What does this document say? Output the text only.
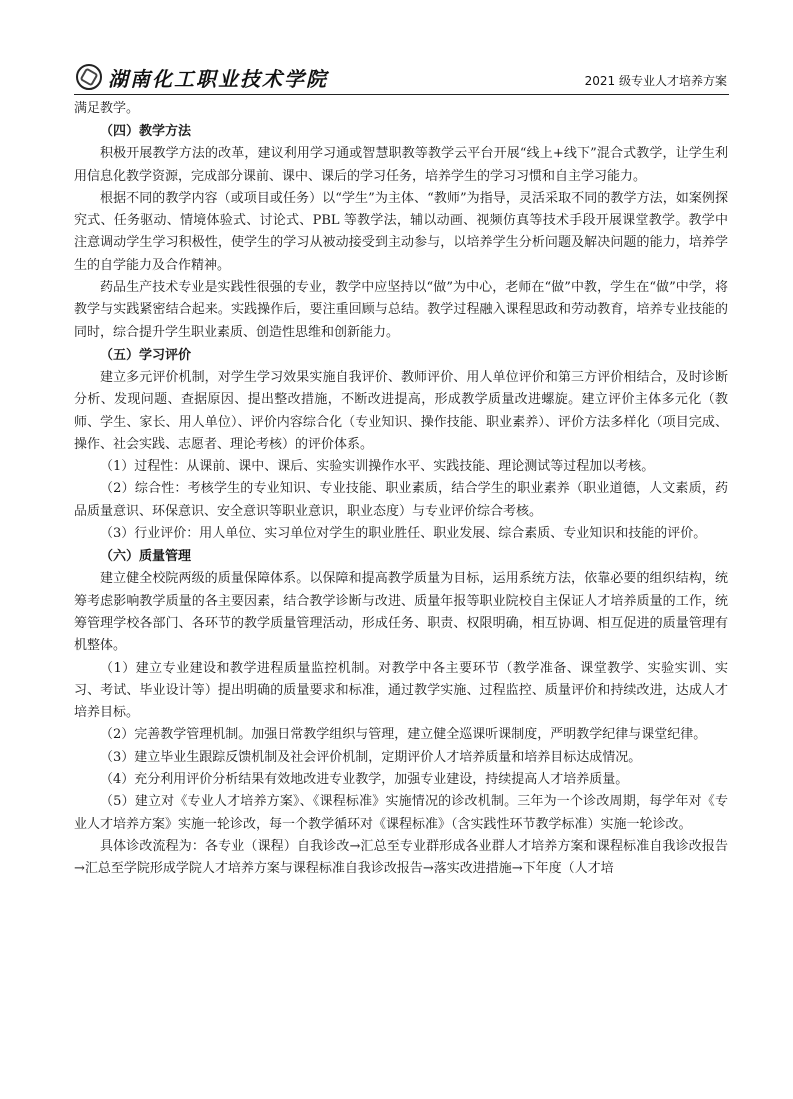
湖南化工职业技术学院	2021 级专业人才培养方案

满足教学。

（四）教学方法

积极开展教学方法的改革，建议利用学习通或智慧职教等教学云平台开展“线上+线下”混合式教学，让学生利用信息化教学资源，完成部分课前、课中、课后的学习任务，培养学生的学习习惯和自主学习能力。

根据不同的教学内容（或项目或任务）以“学生”为主体、“教师”为指导，灵活采取不同的教学方法，如案例探究式、任务驱动、情境体验式、讨论式、PBL 等教学法，辅以动画、视频仿真等技术手段开展课堂教学。教学中注意调动学生学习积极性，使学生的学习从被动接受到主动参与，以培养学生分析问题及解决问题的能力，培养学生的自学能力及合作精神。

药品生产技术专业是实践性很强的专业，教学中应坚持以“做”为中心，老师在“做”中教，学生在“做”中学，将教学与实践紧密结合起来。实践操作后，要注重回顾与总结。教学过程融入课程思政和劳动教育，培养专业技能的同时，综合提升学生职业素质、创造性思维和创新能力。

（五）学习评价

建立多元评价机制，对学生学习效果实施自我评价、教师评价、用人单位评价和第三方评价相结合，及时诊断分析、发现问题、查据原因、提出整改措施，不断改进提高，形成教学质量改进螺旋。建立评价主体多元化（教师、学生、家长、用人单位）、评价内容综合化（专业知识、操作技能、职业素养）、评价方法多样化（项目完成、操作、社会实践、志愿者、理论考核）的评价体系。

（1）过程性：从课前、课中、课后、实验实训操作水平、实践技能、理论测试等过程加以考核。

（2）综合性：考核学生的专业知识、专业技能、职业素质，结合学生的职业素养（职业道德，人文素质，药品质量意识、环保意识、安全意识等职业意识，职业态度）与专业评价综合考核。

（3）行业评价：用人单位、实习单位对学生的职业胜任、职业发展、综合素质、专业知识和技能的评价。

（六）质量管理

建立健全校院两级的质量保障体系。以保障和提高教学质量为目标，运用系统方法，依靠必要的组织结构，统筹考虑影响教学质量的各主要因素，结合教学诊断与改进、质量年报等职业院校自主保证人才培养质量的工作，统筹管理学校各部门、各环节的教学质量管理活动，形成任务、职责、权限明确，相互协调、相互促进的质量管理有机整体。

（1）建立专业建设和教学进程质量监控机制。对教学中各主要环节（教学准备、课堂教学、实验实训、实习、考试、毕业设计等）提出明确的质量要求和标准，通过教学实施、过程监控、质量评价和持续改进，达成人才培养目标。

（2）完善教学管理机制。加强日常教学组织与管理，建立健全巡课听课制度，严明教学纪律与课堂纪律。

（3）建立毕业生跟踪反馈机制及社会评价机制，定期评价人才培养质量和培养目标达成情况。

（4）充分利用评价分析结果有效地改进专业教学，加强专业建设，持续提高人才培养质量。

（5）建立对《专业人才培养方案》、《课程标准》实施情况的诊改机制。三年为一个诊改周期，每学年对《专业人才培养方案》实施一轮诊改，每一个教学循环对《课程标准》（含实践性环节教学标准）实施一轮诊改。

具体诊改流程为：各专业（课程）自我诊改→汇总至专业群形成各业群人才培养方案和课程标准自我诊改报告→汇总至学院形成学院人才培养方案与课程标准自我诊改报告→落实改进措施→下年度（人才培
